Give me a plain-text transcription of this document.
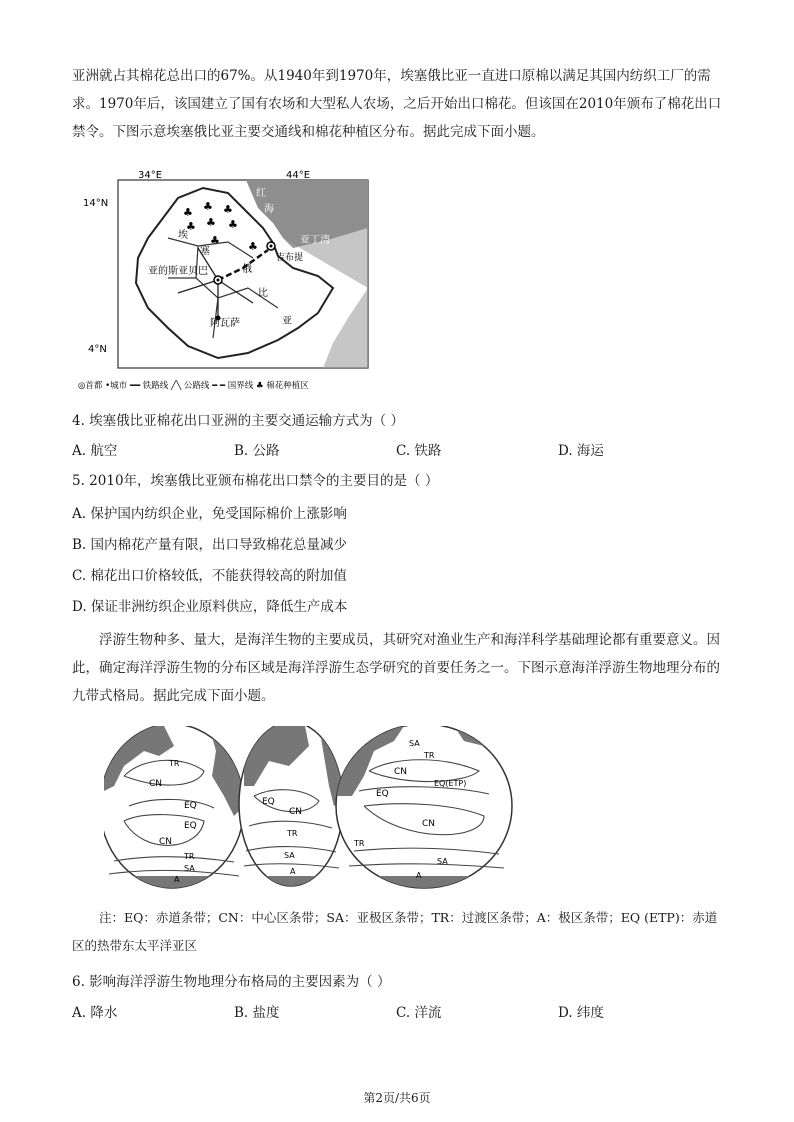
亚洲就占其棉花总出口的67%。从1940年到1970年，埃塞俄比亚一直进口原棉以满足其国内纺织工厂的需求。1970年后，该国建立了国有农场和大型私人农场，之后开始出口棉花。但该国在2010年颁布了棉花出口禁令。下图示意埃塞俄比亚主要交通线和棉花种植区分布。据此完成下面小题。

♣ ♣ ♣
♣ ♣ ♣
♣
♣
34°E	44°E
14°N
4°N
红
海
亚丁湾
吉布提
亚的斯亚贝巴
阿瓦萨
埃
塞
俄
比
亚
◎首都 •城市 ━━ 铁路线 ╱╲ 公路线 ━ ━ 国界线 ♣ 棉花种植区
4. 埃塞俄比亚棉花出口亚洲的主要交通运输方式为（ ）
A. 航空	B. 公路	C. 铁路	D. 海运
5. 2010年，埃塞俄比亚颁布棉花出口禁令的主要目的是（ ）
A. 保护国内纺织企业，免受国际棉价上涨影响
B. 国内棉花产量有限，出口导致棉花总量减少
C. 棉花出口价格较低，不能获得较高的附加值
D. 保证非洲纺织企业原料供应，降低生产成本

浮游生物种多、量大，是海洋生物的主要成员，其研究对渔业生产和海洋科学基础理论都有重要意义。因此，确定海洋浮游生物的分布区域是海洋浮游生态学研究的首要任务之一。下图示意海洋浮游生物地理分布的九带式格局。据此完成下面小题。

TR
CN
EQ
EQ
CN
TR
SA
A
EQ
CN
TR
SA
A
SA
TR
CN
EQ(ETP)
EQ
CN
TR
SA
A
注：EQ：赤道条带；CN：中心区条带；SA：亚极区条带；TR：过渡区条带；A：极区条带；EQ (ETP)：赤道区的热带东太平洋亚区
6. 影响海洋浮游生物地理分布格局的主要因素为（ ）
A. 降水	B. 盐度	C. 洋流	D. 纬度
第2页/共6页
